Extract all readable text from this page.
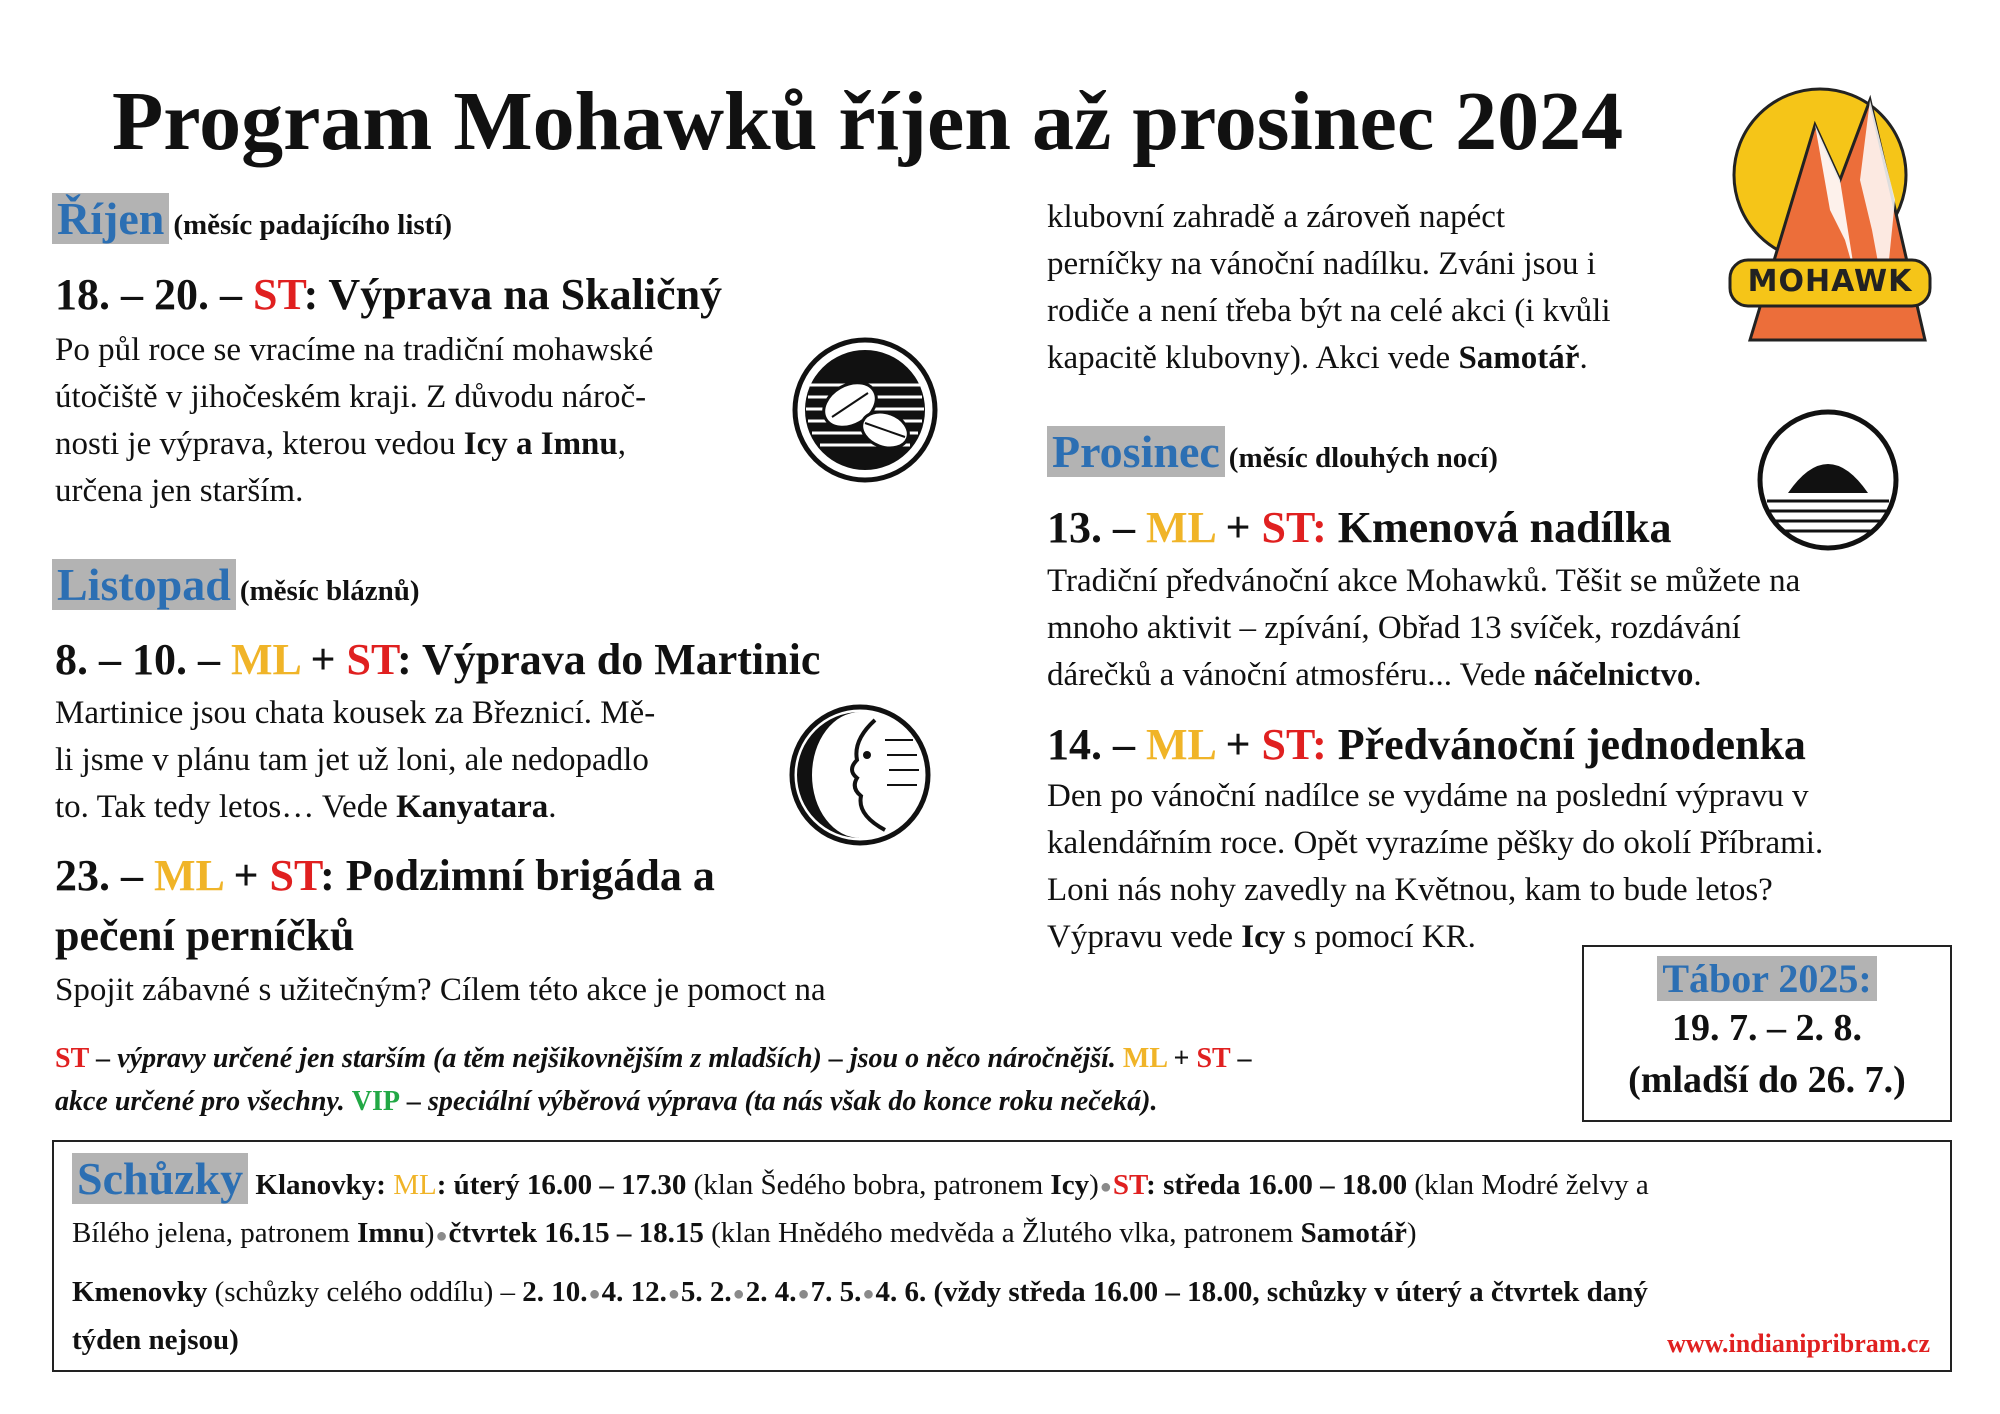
Program Mohawků říjen až prosinec 2024
MOHAWK
Říjen (měsíc padajícího listí)
18. – 20. – ST: Výprava na Skaličný
Po půl roce se vracíme na tradiční mohawské
útočiště v jihočeském kraji. Z důvodu nároč-
nosti je výprava, kterou vedou Icy a Imnu,
určena jen starším.
Listopad (měsíc bláznů)
8. – 10. – ML + ST: Výprava do Martinic
Martinice jsou chata kousek za Březnicí. Mě-
li jsme v plánu tam jet už loni, ale nedopadlo
to. Tak tedy letos… Vede Kanyatara.
23. – ML + ST: Podzimní brigáda a
pečení perníčků
Spojit zábavné s užitečným? Cílem této akce je pomoct na
klubovní zahradě a zároveň napéct
perníčky na vánoční nadílku. Zváni jsou i
rodiče a není třeba být na celé akci (i kvůli
kapacitě klubovny). Akci vede Samotář.
Prosinec (měsíc dlouhých nocí)
13. – ML + ST: Kmenová nadílka
Tradiční předvánoční akce Mohawků. Těšit se můžete na
mnoho aktivit – zpívání, Obřad 13 svíček, rozdávání
dárečků a vánoční atmosféru... Vede náčelnictvo.
14. – ML + ST: Předvánoční jednodenka
Den po vánoční nadílce se vydáme na poslední výpravu v
kalendářním roce. Opět vyrazíme pěšky do okolí Příbrami.
Loni nás nohy zavedly na Květnou, kam to bude letos?
Výpravu vede Icy s pomocí KR.
Tábor 2025:
19. 7. – 2. 8.
(mladší do 26. 7.)
ST – výpravy určené jen starším (a těm nejšikovnějším z mladších) – jsou o něco náročnější. ML + ST –
akce určené pro všechny. VIP – speciální výběrová výprava (ta nás však do konce roku nečeká).
Schůzky Klanovky: ML: úterý 16.00 – 17.30 (klan Šedého bobra, patronem Icy)●ST: středa 16.00 – 18.00 (klan Modré želvy a
Bílého jelena, patronem Imnu)●čtvrtek 16.15 – 18.15 (klan Hnědého medvěda a Žlutého vlka, patronem Samotář)
Kmenovky (schůzky celého oddílu) – 2. 10.●4. 12.●5. 2.●2. 4.●7. 5.●4. 6. (vždy středa 16.00 – 18.00, schůzky v úterý a čtvrtek daný
týden nejsou)	www.indianipribram.cz
